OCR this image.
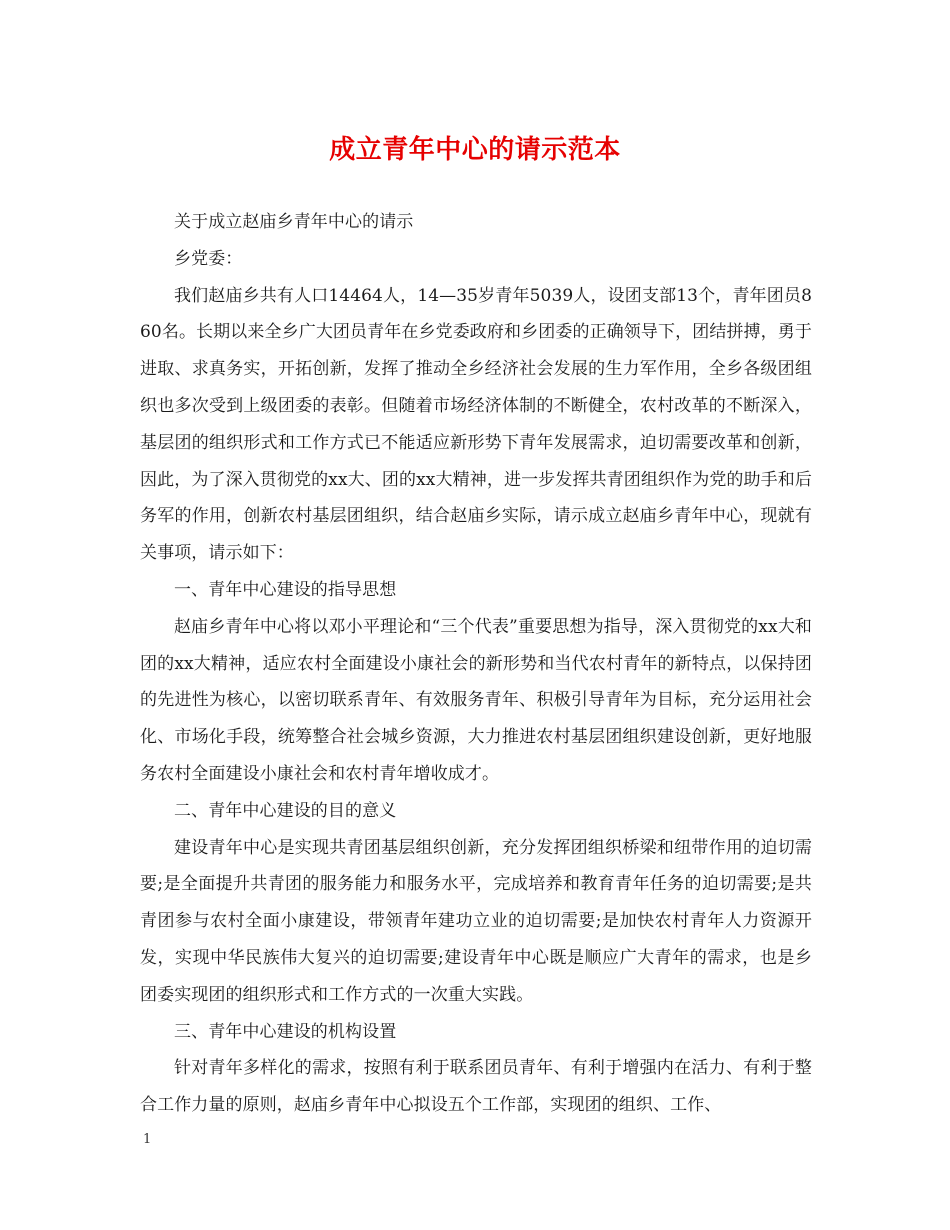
成立青年中心的请示范本

关于成立赵庙乡青年中心的请示

乡党委：

我们赵庙乡共有人口14464人，14—35岁青年5039人，设团支部13个，青年团员860名。长期以来全乡广大团员青年在乡党委政府和乡团委的正确领导下，团结拼搏，勇于进取、求真务实，开拓创新，发挥了推动全乡经济社会发展的生力军作用，全乡各级团组织也多次受到上级团委的表彰。但随着市场经济体制的不断健全，农村改革的不断深入，基层团的组织形式和工作方式已不能适应新形势下青年发展需求，迫切需要改革和创新，因此，为了深入贯彻党的xx大、团的xx大精神，进一步发挥共青团组织作为党的助手和后务军的作用，创新农村基层团组织，结合赵庙乡实际，请示成立赵庙乡青年中心，现就有关事项，请示如下：

一、青年中心建设的指导思想

赵庙乡青年中心将以邓小平理论和“三个代表”重要思想为指导，深入贯彻党的xx大和团的xx大精神，适应农村全面建设小康社会的新形势和当代农村青年的新特点，以保持团的先进性为核心，以密切联系青年、有效服务青年、积极引导青年为目标，充分运用社会化、市场化手段，统筹整合社会城乡资源，大力推进农村基层团组织建设创新，更好地服务农村全面建设小康社会和农村青年增收成才。

二、青年中心建设的目的意义

建设青年中心是实现共青团基层组织创新，充分发挥团组织桥梁和纽带作用的迫切需要;是全面提升共青团的服务能力和服务水平，完成培养和教育青年任务的迫切需要;是共青团参与农村全面小康建设，带领青年建功立业的迫切需要;是加快农村青年人力资源开发，实现中华民族伟大复兴的迫切需要;建设青年中心既是顺应广大青年的需求，也是乡团委实现团的组织形式和工作方式的一次重大实践。

三、青年中心建设的机构设置

针对青年多样化的需求，按照有利于联系团员青年、有利于增强内在活力、有利于整合工作力量的原则，赵庙乡青年中心拟设五个工作部，实现团的组织、工作、

1
